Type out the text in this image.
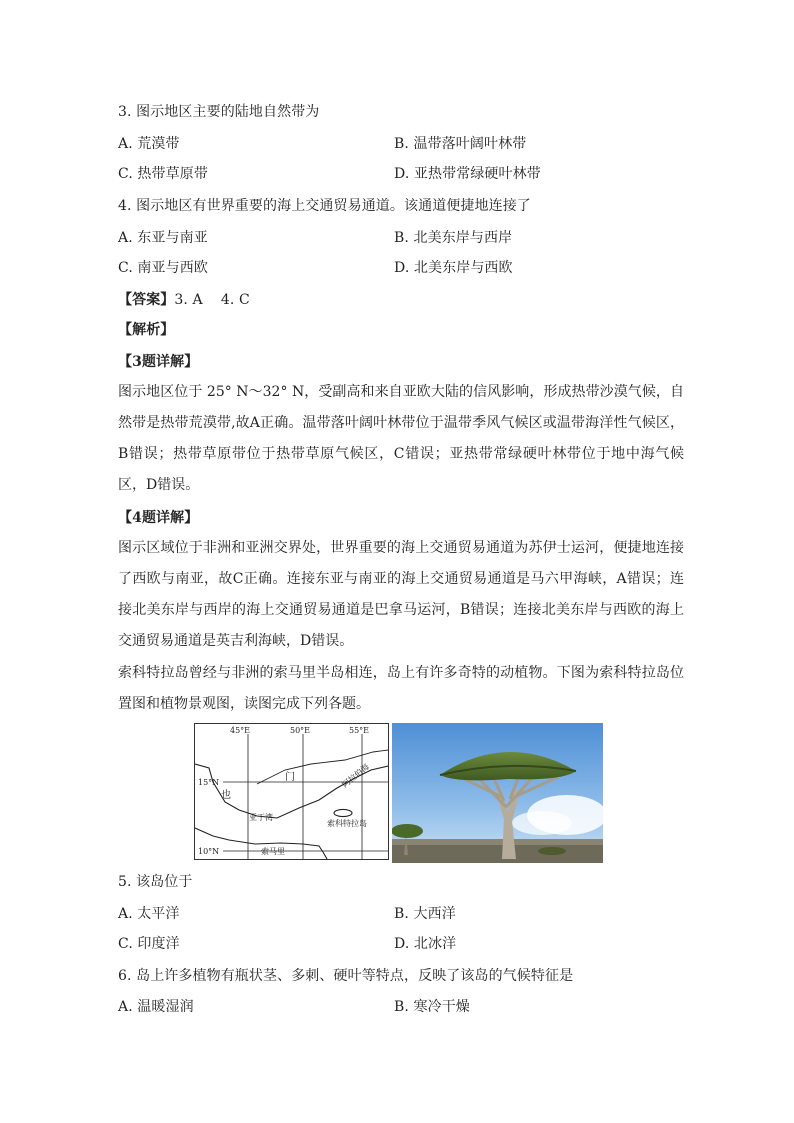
3. 图示地区主要的陆地自然带为
A. 荒漠带	B. 温带落叶阔叶林带
C. 热带草原带	D. 亚热带常绿硬叶林带
4. 图示地区有世界重要的海上交通贸易通道。该通道便捷地连接了
A. 东亚与南亚	B. 北美东岸与西岸
C. 南亚与西欧	D. 北美东岸与西欧
【答案】3. A    4. C
【解析】
【3题详解】
图示地区位于 25° N～32° N，受副高和来自亚欧大陆的信风影响，形成热带沙漠气候，自然带是热带荒漠带,故A正确。温带落叶阔叶林带位于温带季风气候区或温带海洋性气候区，B错误；热带草原带位于热带草原气候区，C错误；亚热带常绿硬叶林带位于地中海气候区，D错误。
【4题详解】
图示区域位于非洲和亚洲交界处，世界重要的海上交通贸易通道为苏伊士运河，便捷地连接了西欧与南亚，故C正确。连接东亚与南亚的海上交通贸易通道是马六甲海峡，A错误；连接北美东岸与西岸的海上交通贸易通道是巴拿马运河，B错误；连接北美东岸与西欧的海上交通贸易通道是英吉利海峡，D错误。
索科特拉岛曾经与非洲的索马里半岛相连，岛上有许多奇特的动植物。下图为索科特拉岛位置图和植物景观图，读图完成下列各题。
45°E	50°E	55°E
15°N
10°N
也
门	阿拉伯海
亚丁湾
索科特拉岛
索马里
5. 该岛位于
A. 太平洋	B. 大西洋
C. 印度洋	D. 北冰洋
6. 岛上许多植物有瓶状茎、多刺、硬叶等特点，反映了该岛的气候特征是
A. 温暖湿润	B. 寒冷干燥
